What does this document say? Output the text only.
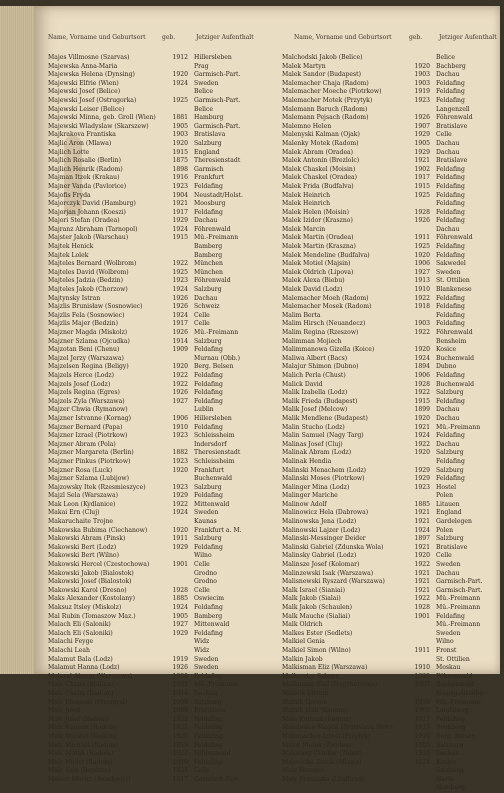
Name, Vorname und Geburtsort	geb.	Jetziger Aufenthalt	Name, Vorname und Geburtsort	geb.	Jetziger Aufenthalt
Majes Villmosne (Szarvas)	1912 Hillersleben
Majewska Anna-Maria	Prag
Majewska Helena (Dynsing)	1920 Garmisch-Part.
Majewski Elfrie (Wien)	1924 Sweden
Majewski Josef (Belice)	Belice
Majewski Josef (Ostrugorka)	1925 Garmisch-Part.
Majewski Leiser (Belice)	Belice
Majewski Minna, geb. Groll (Wien)	1881 Hamburg
Majewski Wladyslaw (Skarszew)	1905 Garmisch-Part.
Majkrakova Frantiska	1903 Bratislava
Majlic Aron (Mlawa)	1920 Salzburg
Majlich Lotte	1915 England
Majlich Rosalie (Berlin)	1875 Theresienstadt
Majlich Henrik (Radom)	1898 Garmisch
Majman Itzek (Krakau)	1916 Frankfurt
Majner Vanda (Pavlorice)	1923 Feldafing
Majofis Fryda	1904 Neustadt/Holst.
Majorczyk David (Hamburg)	1921 Moosburg
Majorjan Johann (Koeszi)	1917 Feldafing
Majori Stefan (Oradea)	1929 Dachau
Majranz Abraham (Tarnopol)	1924 Föhrenwald
Majster Jakob (Warschau)	1915 Mü.-Freimann
Majtek Henick	Bamberg
Majtek Lolek	Bamberg
Majteles Bernard (Wolbrom)	1922 München
Majteles David (Wolbrom)	1925 München
Majteles Jadzia (Bedzin)	1923 Föhrenwald
Majteles Jakob (Chorzow)	1924 Salzburg
Majtynsky Istran	1926 Dachau
Majzlis Brunisław (Sosnowiec)	1926 Schweiz
Majzlis Fela (Sosnowiec)	1924 Celle
Majzlis Majer (Bedzin)	1917 Celle
Majzner Magda (Miskolz)	1926 Mü.-Freimann
Majzner Szlama (Ojcudka)	1914 Salzburg
Majzotan Beni (Chenu)	1909 Feldafing
Majzel Jerzy (Warszawa)	Murnau (Obb.)
Majzelsen Regina (Beligy)	1920 Berg. Belsen
Majzels Herce (Lodz)	1922 Feldafing
Majzels Josef (Lodz)	1922 Feldafing
Majzels Regina (Egres)	1926 Feldafing
Majzels Zyla (Warszawa)	1927 Feldafing
Majzer Chwia (Rymanow)	Lublin
Majzner Istvanne (Kornag)	1906 Hillersleben
Majzner Bernard (Papa)	1910 Feldafing
Majzner Izrael (Piotrkow)	1923 Schleissheim
Majzner Abram (Pola)	Indersdorf
Majzner Margareta (Berlin)	1882 Theresienstadt
Majzner Pinkus (Piotrkow)	1923 Schleissheim
Majzner Rosa (Luck)	1920 Frankfurt
Majzner Szlama (Lubijow)	Buchenwald
Majzowsky Itek (Rzesmieszyce)	1923 Salzburg
Majzl Sela (Warszawa)	1929 Feldafing
Mak Leon (Kydlanice)	1922 Mittenwald
Makai Ern (Cluj)	1924 Sweden
Makaruchaite Trojne	Kaunas
Makowska Bubima (Ciechanow)	1920 Frankfurt a. M.
Makowski Abram (Pinsk)	1911 Salzburg
Makowski Bert (Lodz)	1929 Feldafing
Makowski Bert (Wilno)	Wilno
Makowski Hercel (Czestochowa)	1901 Celle
Makowski Jakob (Bialostok)	Grodno
Makowski Josef (Bialostok)	Grodno
Makowski Karol (Dresno)	1928 Celle
Maks Alexander (Kostolany)	1885 Oswiecim
Maksuz Itsley (Miskolz)	1924 Feldafing
Mal Rubin (Tomaszow Maz.)	1905 Bamberg
Malach Eli (Salonik)	1927 Mittenwald
Malach Eli (Saloniki)	1929 Feldafing
Malachi Feyge	Widz
Malachi Leah	Widz
Malamut Bala (Lodz)	1919 Sweden
Malamut Hanna (Lodz)	1926 Sweden
Malarel Abram (Warszawa)	1930 Feldafing
Malc Chaim (Stalina)	1901 Mü.-Freimann
Malc Chaim (Radom)	1914 Dachau
Malc Emanuel (Przemysl)	1908 Salzburg
Malc Josef	1888 Bratislava
Malc Josef (Radom)	1922 Feldafing
Malc Kalman (Radom)	1922 Feldafing
Malc Mendel (Radom)	1920 Feldafing
Malc Michael (Radom)	1919 Feldafing
Malc Motek (Radom)	1922 Föhrenwald
Malc Nudel (Radom)	1919 Feldafing
Malc Sala (Bendzin)	1924 Celle
Malcer Moritz (Auschwitz)	1917 Garmisch-Part.
Malchodski Jakob (Belice)	Belice
Malek Martyn	1920 Bachberg
Malek Sandor (Budapest)	1903 Dachau
Malemacher Chaja (Radom)	1903 Feldafing
Malemacher Moeche (Piotrkow)	1919 Feldafing
Malemacher Motek (Przytyk)	1923 Feldafing
Malemann Baruch (Radom)	Langenzell
Malemann Pejsach (Radom)	1926 Föhrenwald
Malemno Helen	1907 Bratislave
Malenyski Kalman (Ojak)	1929 Celle
Malenky Motek (Radom)	1905 Dachau
Malek Abram (Oradea)	1929 Dachau
Malek Antonin (Brezlolc)	1921 Bratislave
Malek Chaskel (Moisin)	1902 Feldafing
Malek Chaskel (Oradea)	1917 Feldafing
Malek Frida (Budfalva)	1915 Feldafing
Malek Heinrich	1925 Feldafing
Malek Heinrich	Feldafing
Malek Helen (Moisin)	1928 Feldafing
Malek Izidor (Kraszno)	1926 Feldafing
Malek Marcin	Dachau
Malek Martin (Oradea)	1911 Föhrenwald
Malek Martin (Kraszna)	1925 Feldafing
Malek Mendeline (Budfalva)	1920 Feldafing
Malek Motiel (Majsin)	1906 Sakwedel
Malek Oldrich (Lipova)	1927 Sweden
Malek Alexa (Biebu)	1913 St. Ottilien
Malek David (Lodz)	1910 Blankenese
Malemacher Moeh (Radom)	1922 Feldafing
Malemacher Mosek (Radom)	1918 Feldafing
Malim Berta	Feldafing
Malim Hirsch (Neuandecz)	1903 Feldafing
Malim Regina (Rzeszow)	1922 Föhrenwald
Malimman Mojiech	Bensheim
Malimmanowa Gizella (Koice)	1920 Kosice
Maliwa Albert (Bacs)	1924 Buchenwald
Malajur Shimon (Dubno)	1894 Dubno
Malich Perla (Chust)	1906 Feldafing
Malick David	1928 Buchenwald
Malik Izabella (Lodz)	1922 Salzburg
Malik Frieda (Budapest)	1915 Feldafing
Malik Josef (Melcow)	1899 Dachau
Malik Mendlene (Budapest)	1920 Dachau
Malin Stucho (Lodz)	1921 Mü.-Freimann
Malin Samuel (Nagy Targ)	1924 Feldafing
Malinas Josef (Cluj)	1922 Dachau
Malinak Abram (Lodz)	1920 Salzburg
Malinak Hendia	Feldafing
Malinski Menachem (Lodz)	1929 Salzburg
Malinski Moses (Piotrkow)	1929 Feldafing
Malinger Mina (Lodz)	1923 Hostel
Malinger Mariche	Polen
Malinow Adolf	1885 Litauen
Malinowicz Hela (Dabrowa)	1921 England
Malinowska Jena (Lodz)	1921 Gardelegen
Malinowski Lajzer (Lodz)	1924 Polen
Malinski-Messinger Deider	1897 Salzburg
Malinski Gabriel (Zdunska Wola)	1921 Bratislave
Malinsky Gabriel (Lodz)	1920 Celle
Malinsze Josef (Kolomar)	1922 Sweden
Malinzewski Isak (Warszawa)	1921 Dachau
Malisnewski Ryszard (Warszawa)	1921 Garmisch-Part.
Malk Israel (Sianiai)	1921 Garmisch-Part.
Malk Jakob (Sialai)	1922 Mü.-Freimann
Malk Jakob (Schaulen)	1928 Mü.-Freimann
Malk Mauche (Sialiai)	1901 Feldafing
Malk Oldrich	Mü.-Freimann
Malkes Ester (Sedlets)	Sweden
Malkiel Genia	Wilno
Malkiel Simon (Wilno)	1911 Fronst
Malkin Jakob	St. Ottilien
Malkisman Eliz (Warszawa)	1910 Moskau
Malkowicz Szlama	1925 Föhrenwald
Malkmann Etel (Nagyhercena)	1907 Buchenwald
Malmik Efroim	Haarig-Altenbg.
Malnik Gerson	1916 Mü.-Freimann
Malnik Izak (Kaunas)	1905 Landsberg
Malo Kalman (Radom)	1921 Feldafing
Malobosco Magda (Bratislava Slov.)	1927 Bruhberg
Malomacher Izrael (Przytyk)	1916 Berg.-Belsen
Malor Motek (Zwolen)	1905 Salzburg
Malovany Ottokar (Tabor)	1920 Dachau
Maloviche Zurek (Mlawa)	1921 Kosice
Maly Ferencz	Salzburg
Maly Franziska (Lilafüred)	Harle
Homberg
